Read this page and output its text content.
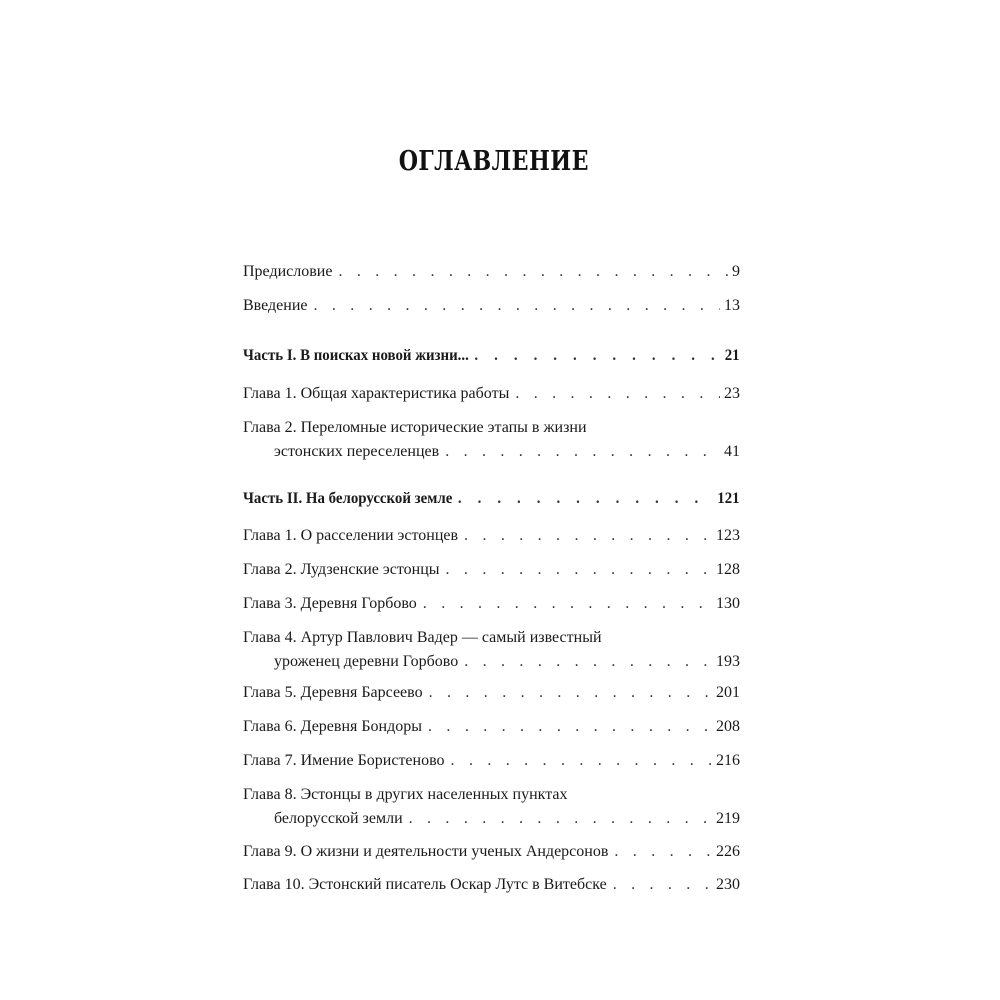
ОГЛАВЛЕНИЕ
Предисловие . . .	9
Введение . . .	13
Часть I. В поисках новой жизни... . . .	21
Глава 1. Общая характеристика работы . . .	23
Глава 2. Переломные исторические этапы в жизни
эстонских переселенцев . . .	41
Часть II. На белорусской земле . . .	121
Глава 1. О расселении эстонцев . . .	123
Глава 2. Лудзенские эстонцы . . .	128
Глава 3. Деревня Горбово . . .	130
Глава 4. Артур Павлович Вадер — самый известный
уроженец деревни Горбово . . .	193
Глава 5. Деревня Барсеево . . .	201
Глава 6. Деревня Бондоры . . .	208
Глава 7. Имение Бористеново . . .	216
Глава 8. Эстонцы в других населенных пунктах
белорусской земли . . .	219
Глава 9. О жизни и деятельности ученых Андерсонов . . .	226
Глава 10. Эстонский писатель Оскар Лутс в Витебске . . .	230
